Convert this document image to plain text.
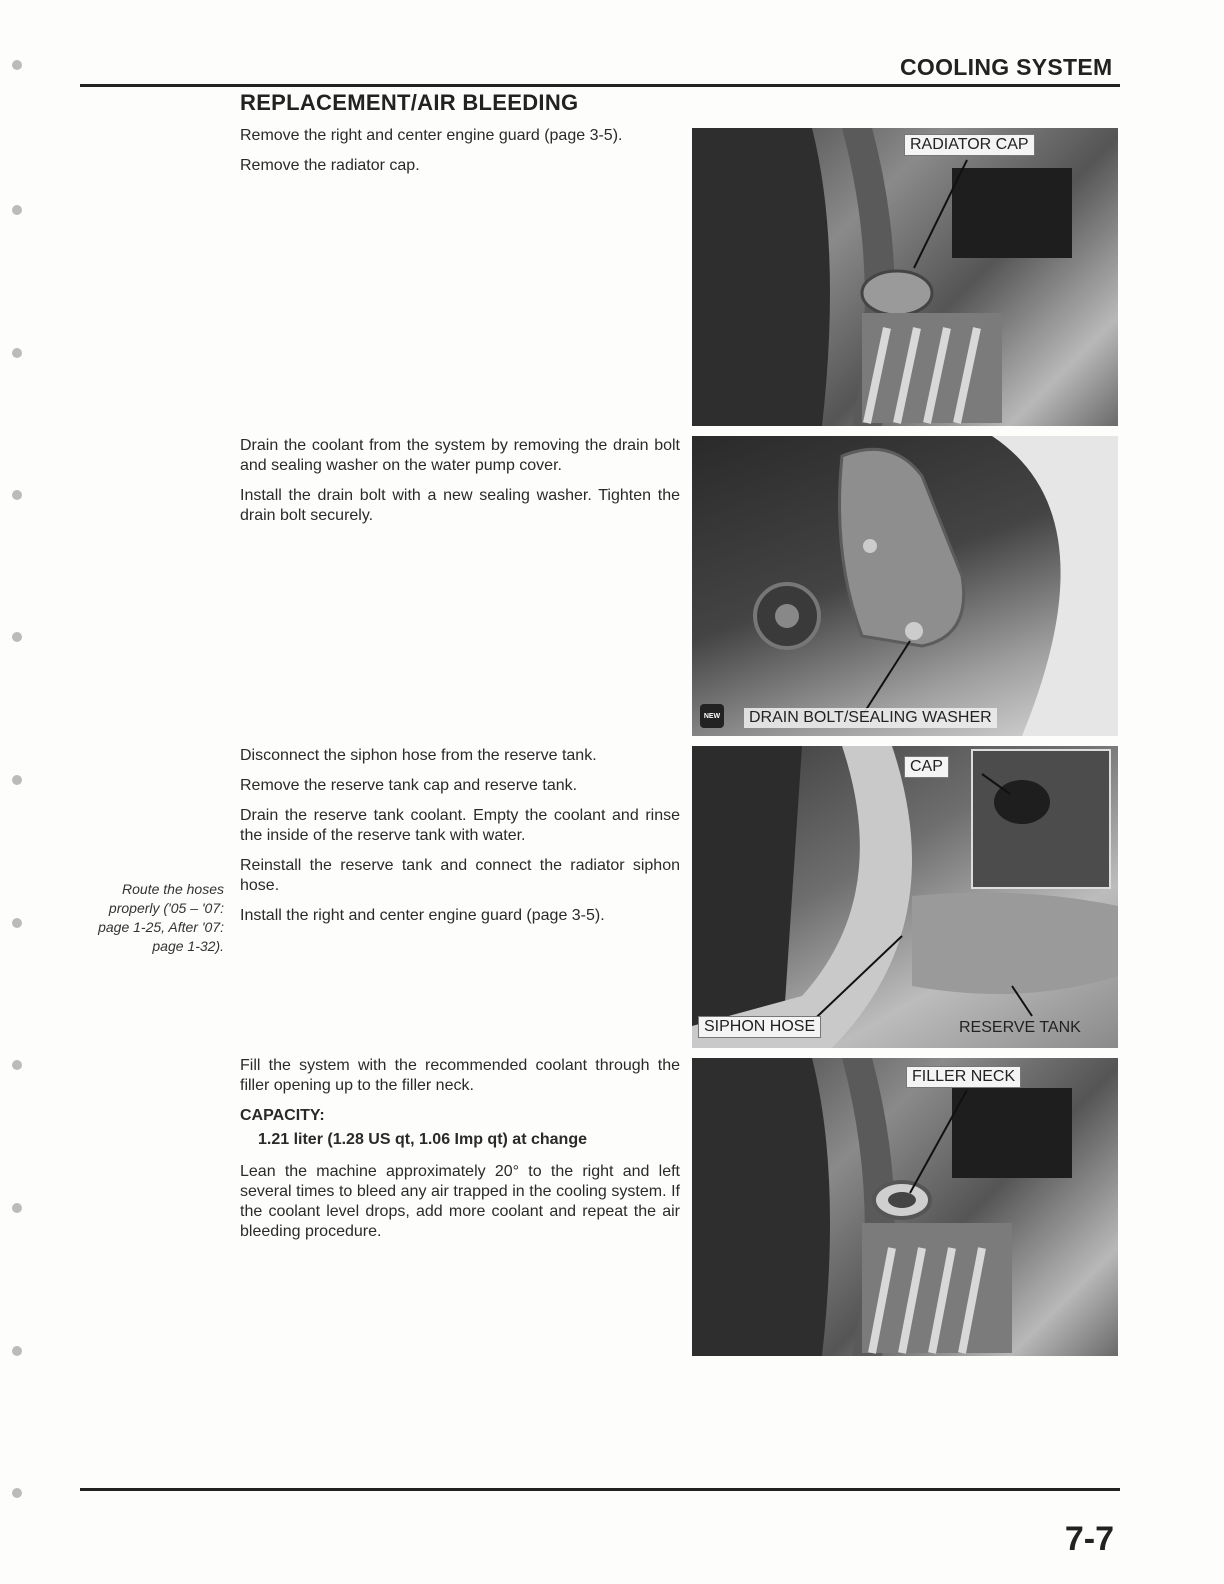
COOLING SYSTEM
REPLACEMENT/AIR BLEEDING

Remove the right and center engine guard (page 3-5).

Remove the radiator cap.

Drain the coolant from the system by removing the drain bolt and sealing washer on the water pump cover.

Install the drain bolt with a new sealing washer. Tighten the drain bolt securely.

Disconnect the siphon hose from the reserve tank.

Remove the reserve tank cap and reserve tank.

Drain the reserve tank coolant. Empty the coolant and rinse the inside of the reserve tank with water.

Reinstall the reserve tank and connect the radiator siphon hose.

Install the right and center engine guard (page 3-5).

Route the hoses properly ('05 – '07: page 1-25, After '07: page 1-32).

Fill the system with the recommended coolant through the filler opening up to the filler neck.

CAPACITY:

1.21 liter (1.28 US qt, 1.06 Imp qt) at change

Lean the machine approximately 20° to the right and left several times to bleed any air trapped in the cooling system. If the coolant level drops, add more coolant and repeat the air bleeding procedure.

RADIATOR CAP
NEW	DRAIN BOLT/SEALING WASHER
CAP
SIPHON HOSE	RESERVE TANK
FILLER NECK
7-7
